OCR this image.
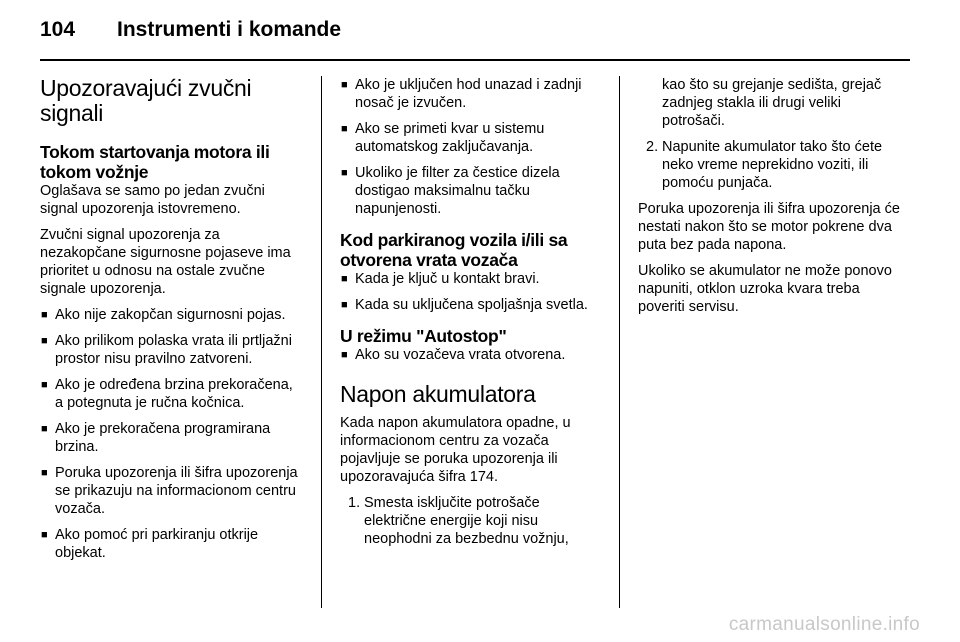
104 Instrumenti i komande
Upozoravajući zvučni signali
Tokom startovanja motora ili tokom vožnje

Oglašava se samo po jedan zvučni signal upozorenja istovremeno.

Zvučni signal upozorenja za nezakopčane sigurnosne pojaseve ima prioritet u odnosu na ostale zvučne signale upozorenja.

■ Ako nije zakopčan sigurnosni pojas.
■ Ako prilikom polaska vrata ili prtljažni prostor nisu pravilno zatvoreni.
■ Ako je određena brzina prekoračena, a potegnuta je ručna kočnica.
■ Ako je prekoračena programirana brzina.
■ Poruka upozorenja ili šifra upozorenja se prikazuju na informacionom centru vozača.
■ Ako pomoć pri parkiranju otkrije objekat.
■ Ako je uključen hod unazad i zadnji nosač je izvučen.
■ Ako se primeti kvar u sistemu automatskog zaključavanja.
■ Ukoliko je filter za čestice dizela dostigao maksimalnu tačku napunjenosti.
Kod parkiranog vozila i/ili sa otvorena vrata vozača
■ Kada je ključ u kontakt bravi.
■ Kada su uključena spoljašnja svetla.
U režimu "Autostop"
■ Ako su vozačeva vrata otvorena.
Napon akumulatora

Kada napon akumulatora opadne, u informacionom centru za vozača pojavljuje se poruka upozorenja ili upozoravajuća šifra 174.

1. Smesta isključite potrošače električne energije koji nisu neophodni za bezbednu vožnju,
kao što su grejanje sedišta, grejač zadnjeg stakla ili drugi veliki potrošači.
2. Napunite akumulator tako što ćete neko vreme neprekidno voziti, ili pomoću punjača.

Poruka upozorenja ili šifra upozorenja će nestati nakon što se motor pokrene dva puta bez pada napona.

Ukoliko se akumulator ne može ponovo napuniti, otklon uzroka kvara treba poveriti servisu.

carmanualsonline.info
